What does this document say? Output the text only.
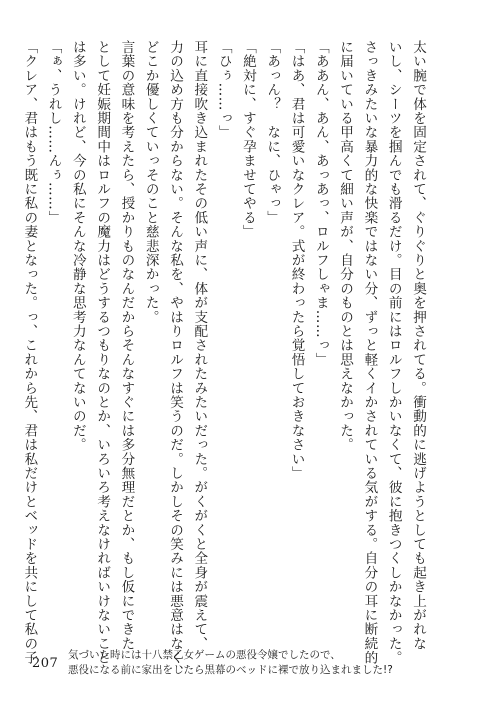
太い腕で体を固定されて、ぐりぐりと奥を押されてる。衝動的に逃げようとしても起き上がれな
いし、シーツを掴んでも滑るだけ。目の前にはロルフしかいなくて、彼に抱きつくしかなかった。
さっきみたいな暴力的な快楽ではない分、ずっと軽くイかされている気がする。自分の耳に断続的
に届いている甲高くて細い声が、自分のものとは思えなかった。
「ああん、あん、あっあっ、ロルフしゃま……っ」
「はあ、君は可愛いなクレア。式が終わったら覚悟しておきなさい」
「あっん？　なに、ひゃっ」
「絶対に、すぐ孕ませてやる」
「ひぅ……っ」
耳に直接吹き込まれたその低い声に、体が支配されたみたいだった。がくがくと全身が震えて、
力の込め方も分からない。そんな私を、やはりロルフは笑うのだ。しかしその笑みには悪意はなく、
どこか優しくていっそのこと慈悲深かった。
言葉の意味を考えたら、授かりものなんだからそんなすぐには多分無理だとか、もし仮にできた
として妊娠期間中はロルフの魔力はどうするつもりなのとか、いろいろ考えなければいけないこと
は多い。けれど、今の私にそんな冷静な思考力なんてないのだ。
「ぁ、うれし……んぅ……」
「クレア、君はもう既に私の妻となった。っ、これから先、君は私だけとベッドを共にして私の子
207
気づいた時には十八禁乙女ゲームの悪役令嬢でしたので、
悪役になる前に家出をしたら黒幕のベッドに裸で放り込まれました!?
